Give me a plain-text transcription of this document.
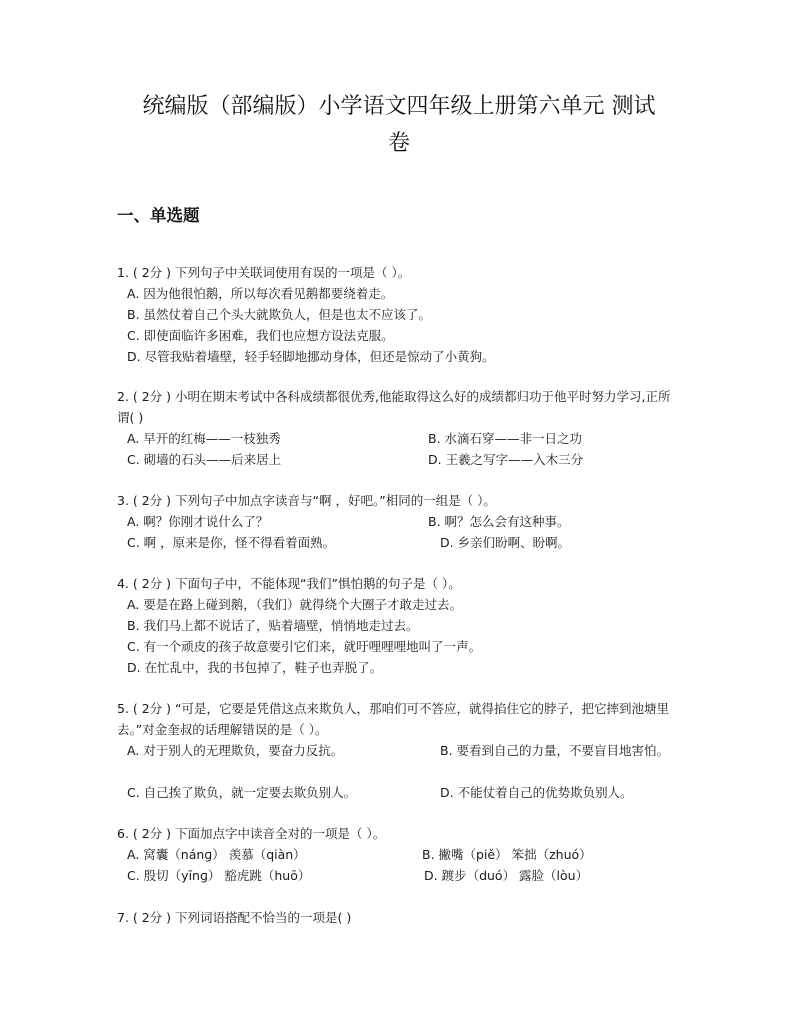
统编版（部编版）小学语文四年级上册第六单元 测试
卷
一、单选题
1. ( 2分 ) 下列句子中关联词使用有误的一项是（ ）。
A. 因为他很怕鹅，所以每次看见鹅都要绕着走。
B. 虽然仗着自己个头大就欺负人，但是也太不应该了。
C. 即使面临许多困难，我们也应想方设法克服。
D. 尽管我贴着墙壁，轻手轻脚地挪动身体，但还是惊动了小黄狗。
2. ( 2分 ) 小明在期末考试中各科成绩都很优秀,他能取得这么好的成绩都归功于他平时努力学习,正所谓( )
A. 早开的红梅——一枝独秀	B. 水滴石穿——非一日之功
C. 砌墙的石头——后来居上	D. 王羲之写字——入木三分
3. ( 2分 ) 下列句子中加点字读音与“啊 ，好吧。”相同的一组是（ ）。
A. 啊？你刚才说什么了？	B. 啊？怎么会有这种事。
C. 啊 ，原来是你，怪不得看着面熟。	D. 乡亲们盼啊、盼啊。
4. ( 2分 ) 下面句子中，不能体现“我们”惧怕鹅的句子是（ ）。
A. 要是在路上碰到鹅，（我们）就得绕个大圈子才敢走过去。
B. 我们马上都不说话了，贴着墙壁，悄悄地走过去。
C. 有一个顽皮的孩子故意要引它们来，就吁哩哩哩地叫了一声。
D. 在忙乱中，我的书包掉了，鞋子也弄脱了。
5. ( 2分 ) “可是，它要是凭借这点来欺负人，那咱们可不答应，就得掐住它的脖子，把它摔到池塘里去。”对金奎叔的话理解错误的是（ ）。
A. 对于别人的无理欺负，要奋力反抗。	B. 要看到自己的力量，不要盲目地害怕。
C. 自己挨了欺负，就一定要去欺负别人。	D. 不能仗着自己的优势欺负别人。
6. ( 2分 ) 下面加点字中读音全对的一项是（ ）。
A. 窝囊（nánɡ） 羡慕（qiàn）	B. 撇嘴（piě） 笨拙（zhuó）
C. 殷切（yīnɡ） 豁虎跳（huō）	D. 踱步（duó） 露脸（lòu）
7. ( 2分 ) 下列词语搭配不恰当的一项是( )
